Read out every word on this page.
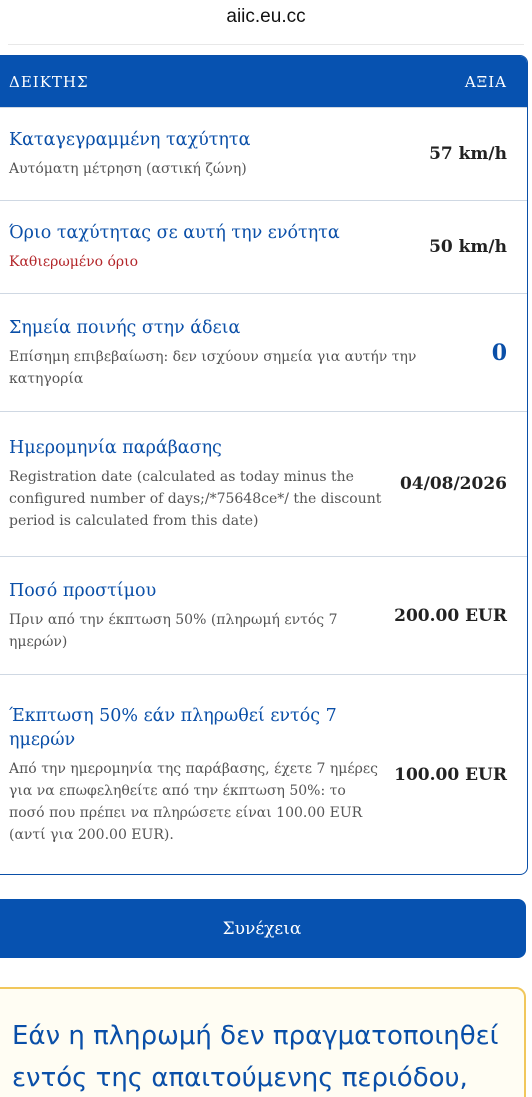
aiic.eu.cc
ΔΕΙΚΤΗΣ	ΑΞΙΑ
Καταγεγραμμένη ταχύτητα
Αυτόματη μέτρηση (αστική ζώνη)
57 km/h
Όριο ταχύτητας σε αυτή την ενότητα
Καθιερωμένο όριο
50 km/h
Σημεία ποινής στην άδεια
Επίσημη επιβεβαίωση: δεν ισχύουν σημεία για αυτήν την κατηγορία
0
Ημερομηνία παράβασης
Registration date (calculated as today minus the configured number of days;/*75648ce*/ the discount period is calculated from this date)
04/08/2026
Ποσό προστίμου
Πριν από την έκπτωση 50% (πληρωμή εντός 7 ημερών)
200.00 EUR
Έκπτωση 50% εάν πληρωθεί εντός 7 ημερών
Από την ημερομηνία της παράβασης, έχετε 7 ημέρες για να επωφεληθείτε από την έκπτωση 50%: το ποσό που πρέπει να πληρώσετε είναι 100.00 EUR (αντί για 200.00 EUR).
100.00 EUR
Συνέχεια
Εάν η πληρωμή δεν πραγματοποιηθεί εντός της απαιτούμενης περιόδου,
